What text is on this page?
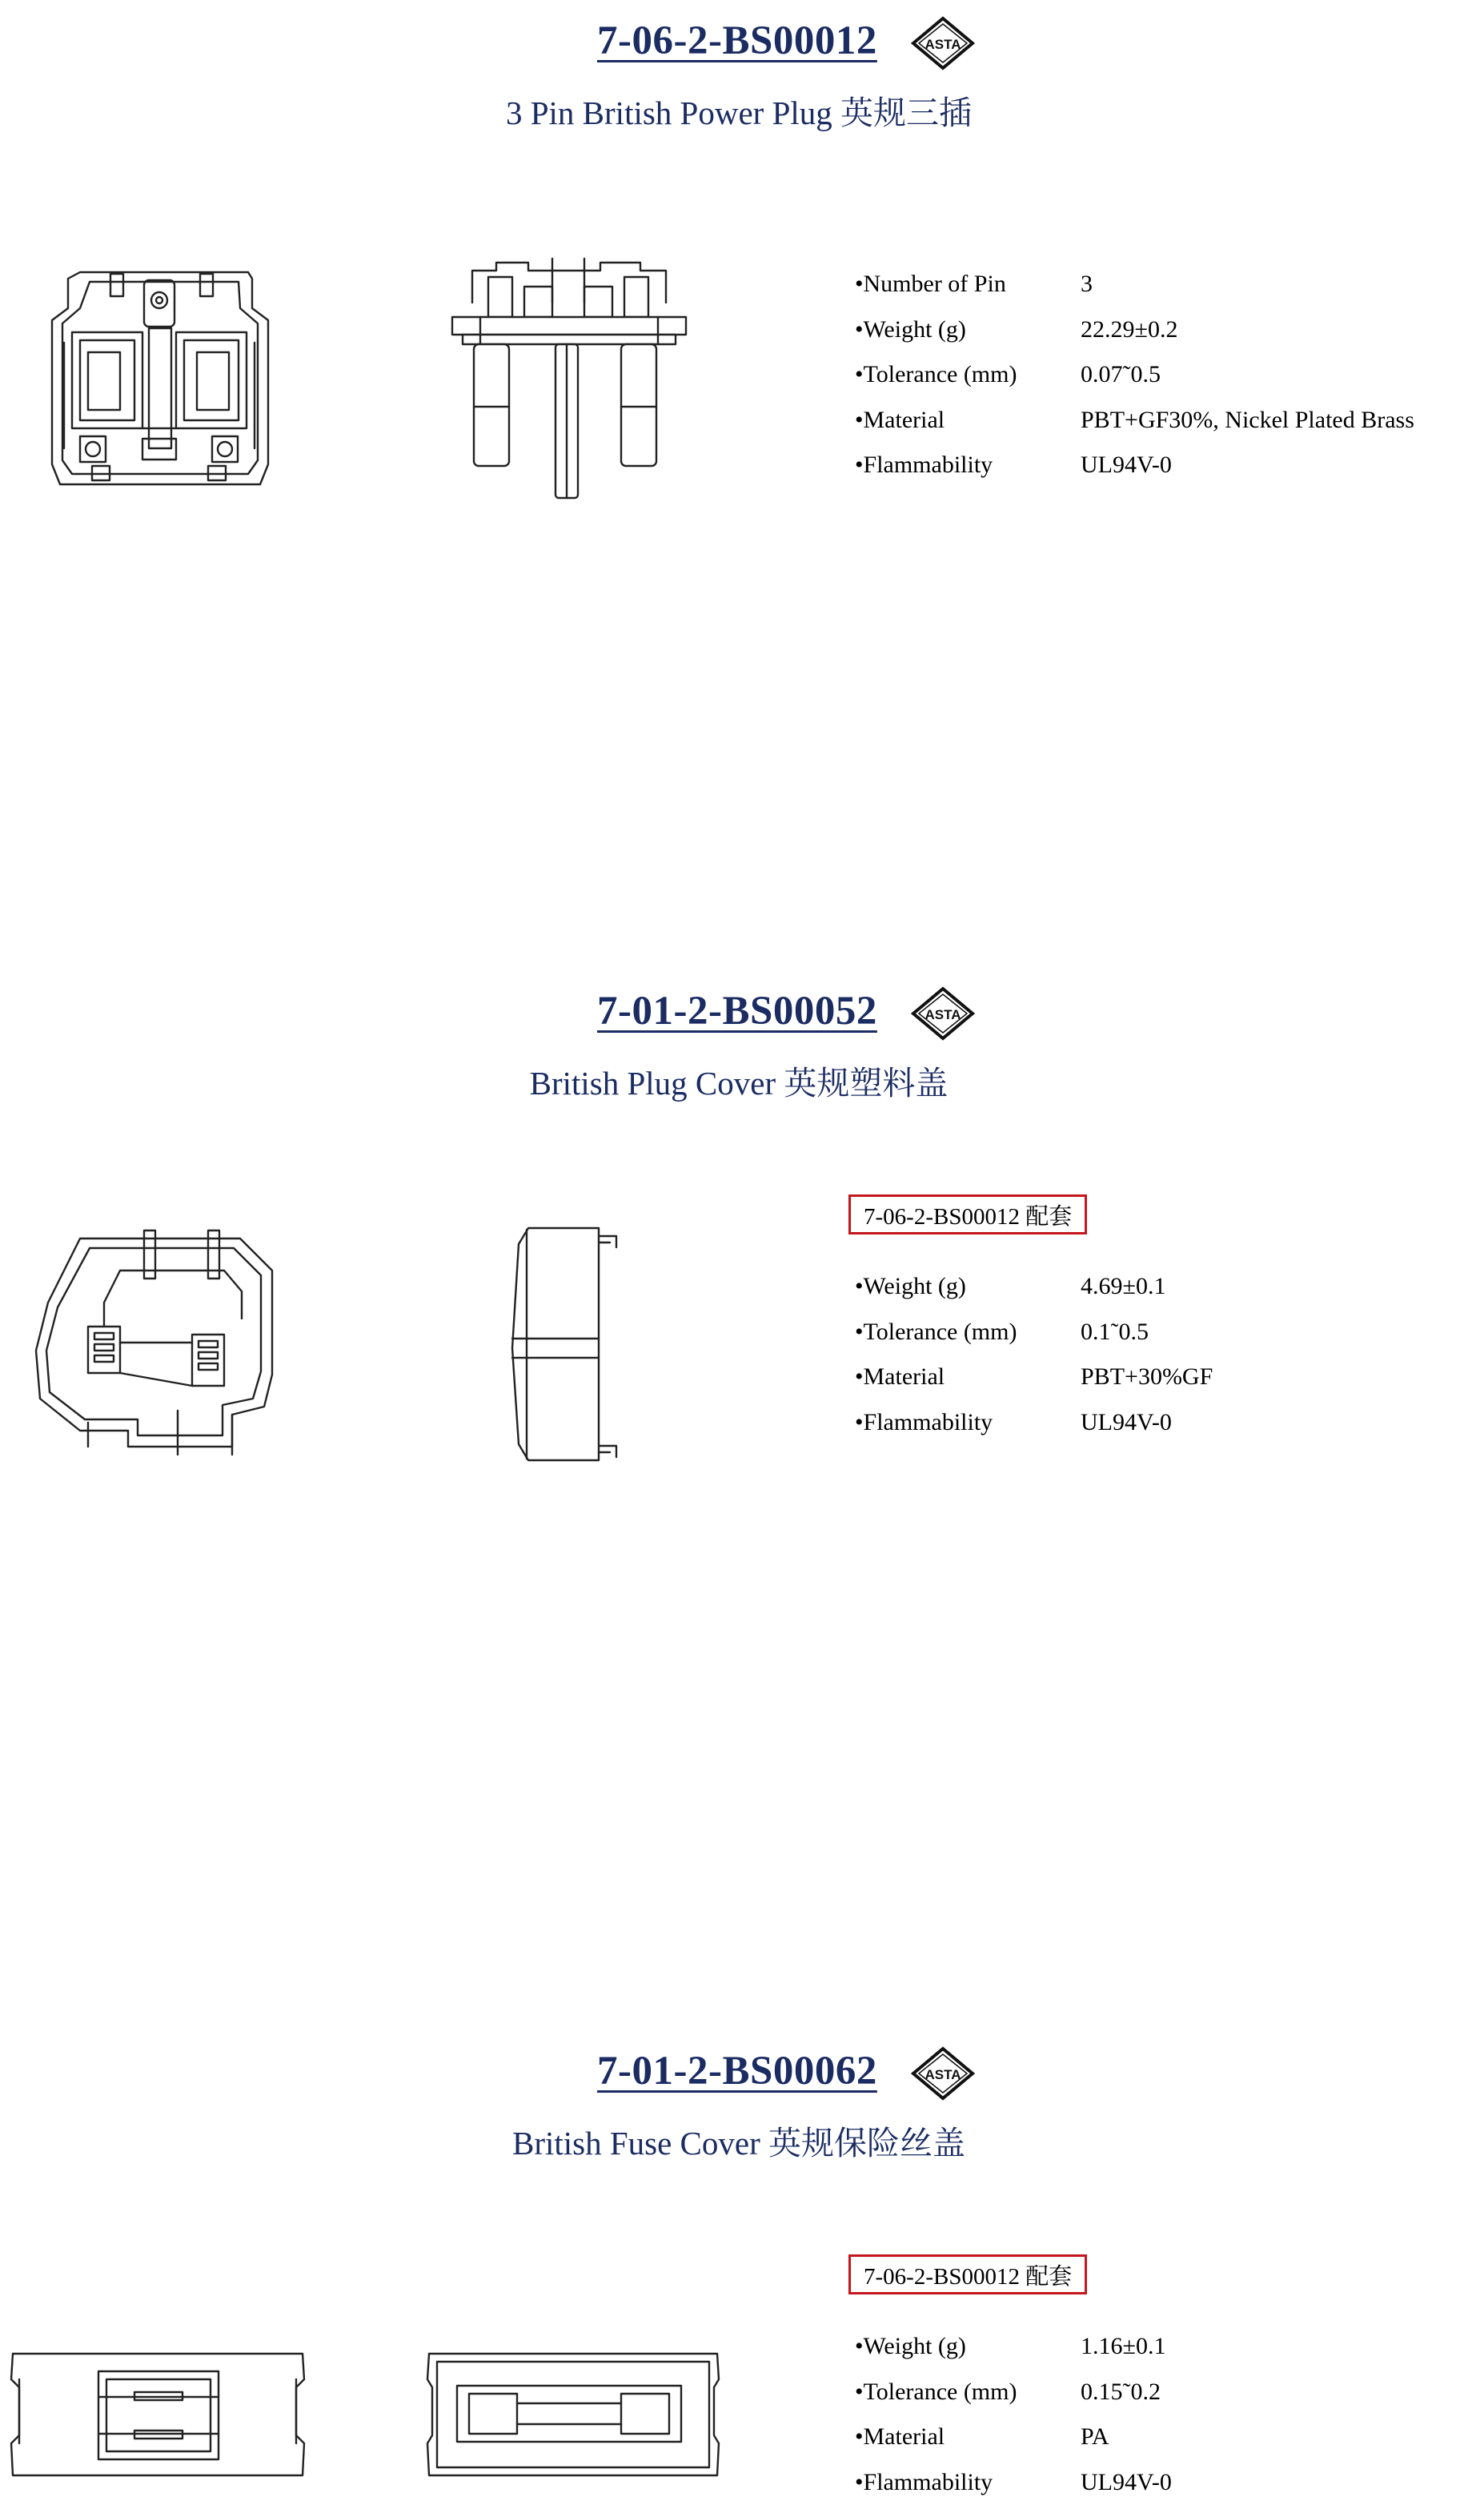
7-06-2-BS00012	ASTA
3 Pin British Power Plug 英规三插
•Number of Pin	3
•Weight (g)	22.29±0.2
•Tolerance (mm)	0.07˜0.5
•Material	PBT+GF30%, Nickel Plated Brass
•Flammability	UL94V-0
7-01-2-BS00052	ASTA
British Plug Cover 英规塑料盖
7-06-2-BS00012 配套
•Weight (g)	4.69±0.1
•Tolerance (mm)	0.1˜0.5
•Material	PBT+30%GF
•Flammability	UL94V-0
7-01-2-BS00062	ASTA
British Fuse Cover 英规保险丝盖
7-06-2-BS00012 配套
•Weight (g)	1.16±0.1
•Tolerance (mm)	0.15˜0.2
•Material	PA
•Flammability	UL94V-0
